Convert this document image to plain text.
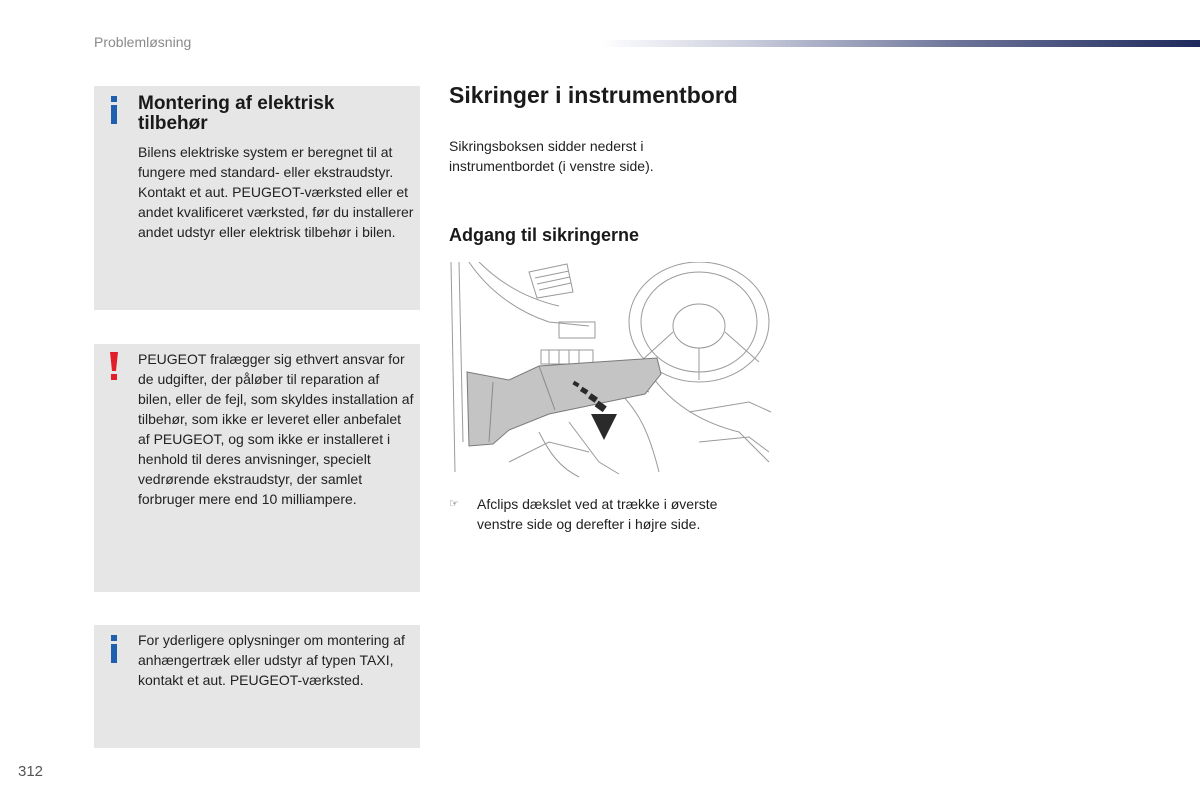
Problemløsning
Montering af elektrisk tilbehør

Bilens elektriske system er beregnet til at fungere med standard- eller ekstraudstyr.

Kontakt et aut. PEUGEOT-værksted eller et andet kvalificeret værksted, før du installerer andet udstyr eller elektrisk tilbehør i bilen.

PEUGEOT fralægger sig ethvert ansvar for de udgifter, der påløber til reparation af bilen, eller de fejl, som skyldes installation af tilbehør, som ikke er leveret eller anbefalet af PEUGEOT, og som ikke er installeret i henhold til deres anvisninger, specielt vedrørende ekstraudstyr, der samlet forbruger mere end 10 milliampere.
For yderligere oplysninger om montering af anhængertræk eller udstyr af typen TAXI, kontakt et aut. PEUGEOT-værksted.
Sikringer i instrumentbord
Sikringsboksen sidder nederst i instrumentbordet (i venstre side).
Adgang til sikringerne
☞ Afclips dækslet ved at trække i øverste venstre side og derefter i højre side.
312
